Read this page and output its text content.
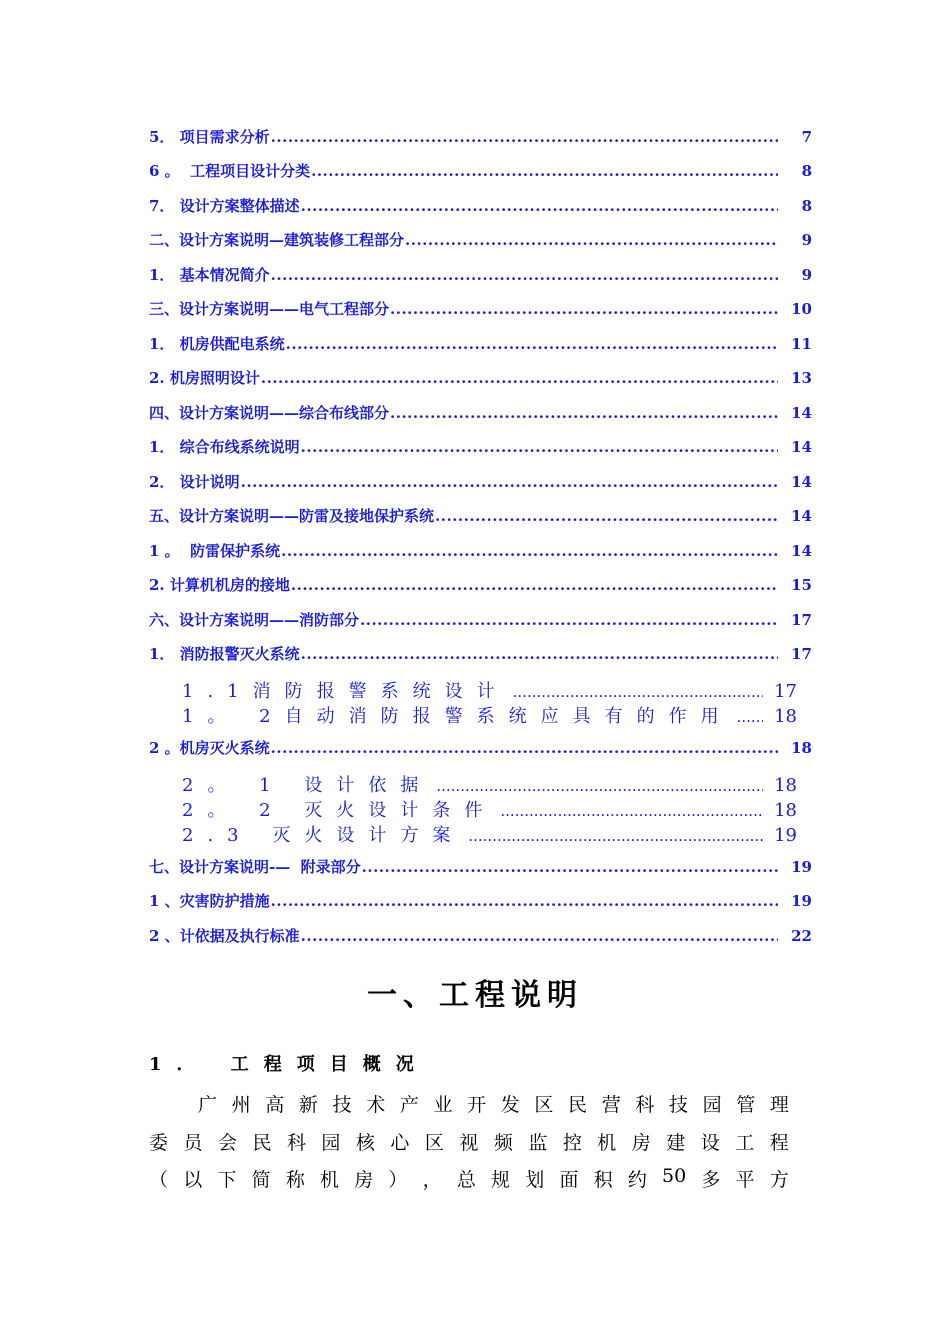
5． 项目需求分析 .....	7
6 。  工程项目设计分类 .....	8
7． 设计方案整体描述 .....	8
二、设计方案说明—建筑装修工程部分 .....	9
1． 基本情况简介 .....	9
三、设计方案说明——电气工程部分 .....	10
1． 机房供配电系统 .....	11
2. 机房照明设计 .....	13
四、设计方案说明——综合布线部分 .....	14
1． 综合布线系统说明 .....	14
2． 设计说明 .....	14
五、设计方案说明——防雷及接地保护系统 .....	14
1 。  防雷保护系统 .....	14
2. 计算机机房的接地 .....	15
六、设计方案说明——消防部分 .....	17
1． 消防报警灭火系统 .....	17
1.1消防报警系统设计 .....	17
1。 2自动消防报警系统应具有的作用 ..... 18
2 。机房灭火系统 .....	18
2。 1 设计依据 .....	18
2。 2 灭火设计条件 .....	18
2.3 灭火设计方案 .....	19
七、设计方案说明-—  附录部分 .....	19
1 、灾害防护措施 .....	19
2 、计依据及执行标准 .....	22
一、工程说明
1． 工程项目概况
广 州 高 新 技 术 产 业 开 发 区 民 营 科 技 园 管 理
委 员 会 民 科 园 核 心 区 视 频 监 控 机 房 建 设 工 程
（ 以 下 简 称 机 房 ） ， 总 规 划 面 积 约 50 多 平 方
